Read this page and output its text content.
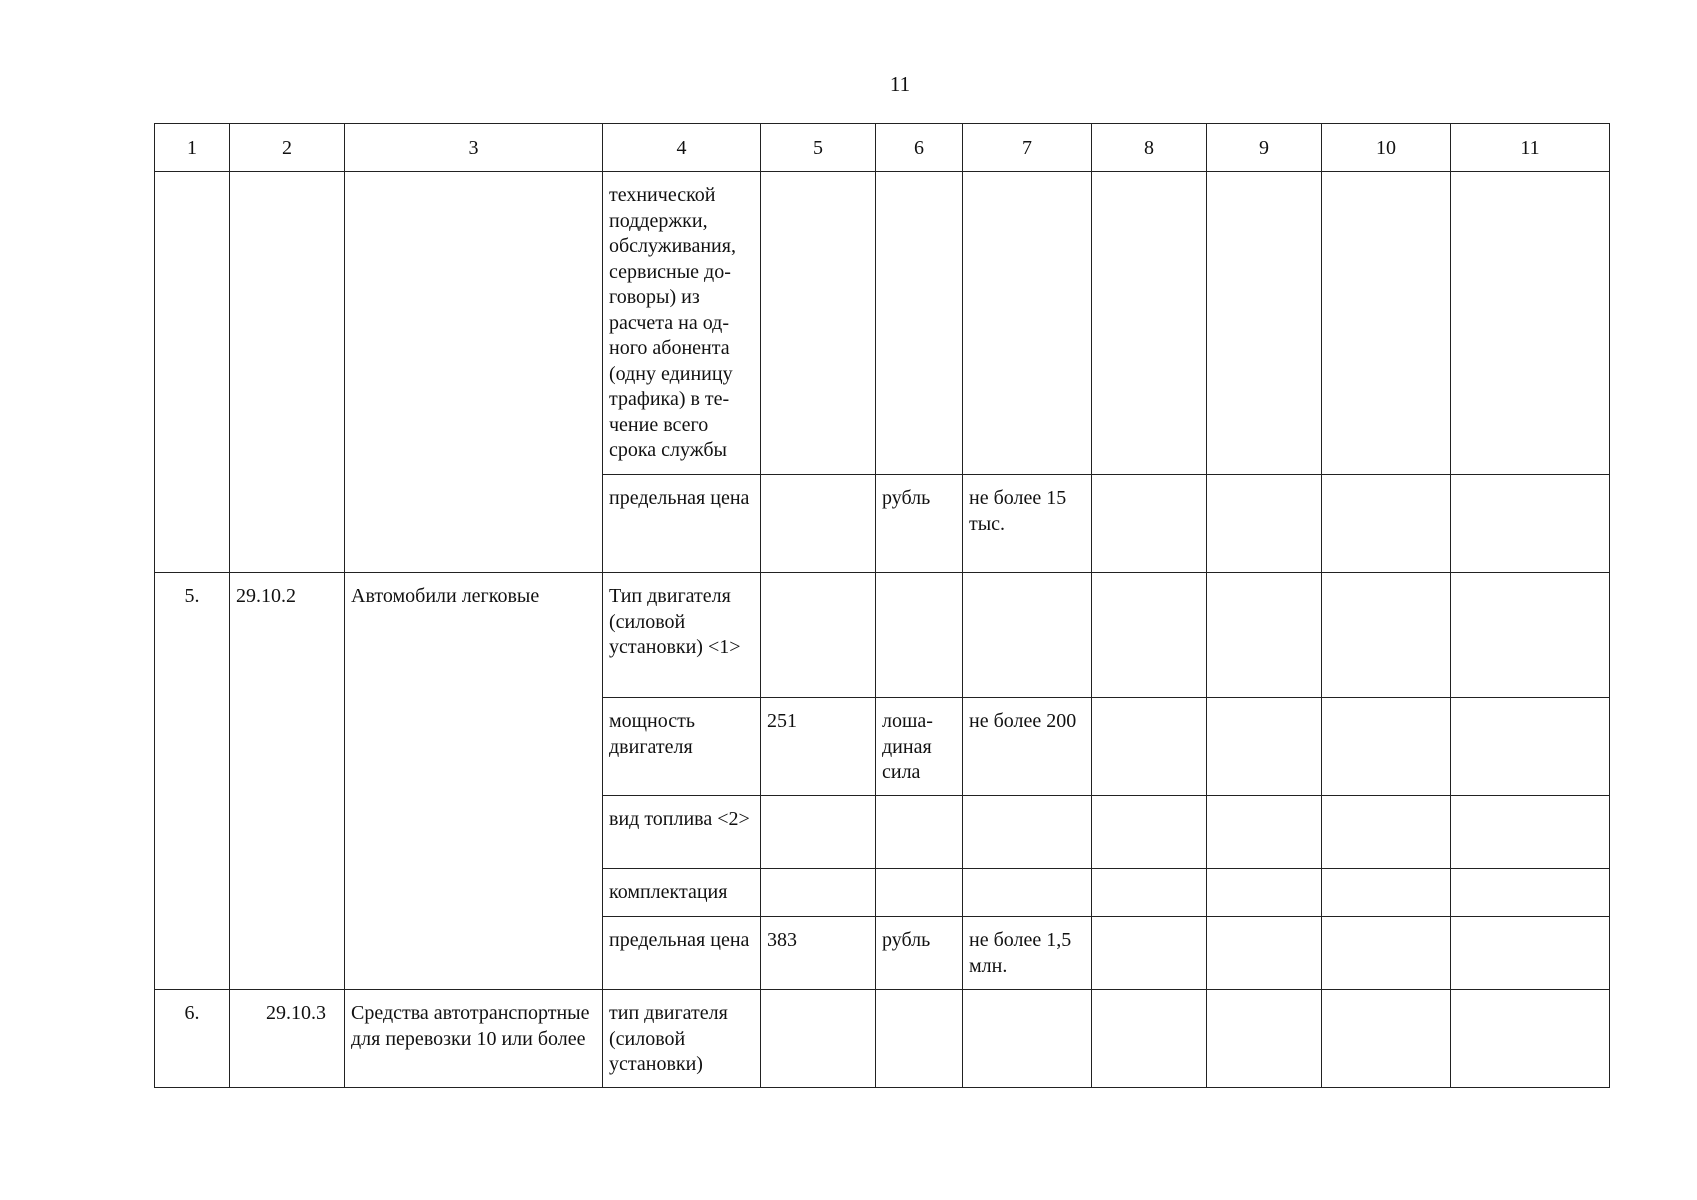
11
1	2	3	4	5	6	7	8	9	10	11
			технической поддержки, обслуживания, сервисные до-говоры) из расчета на од-ного абонента (одну единицу трафика) в те-чение всего срока службы							
			предельная цена		рубль	не более 15 тыс.				
5.	29.10.2	Автомобили легковые	Тип двигателя (силовой установки) <1>							
			мощность двигателя	251	лоша-диная сила	не более 200				
			вид топлива <2>							
			комплектация							
			предельная цена	383	рубль	не более 1,5 млн.				
6.	29.10.3	Средства автотранспортные для перевозки 10 или более	тип двигателя (силовой установки)							
